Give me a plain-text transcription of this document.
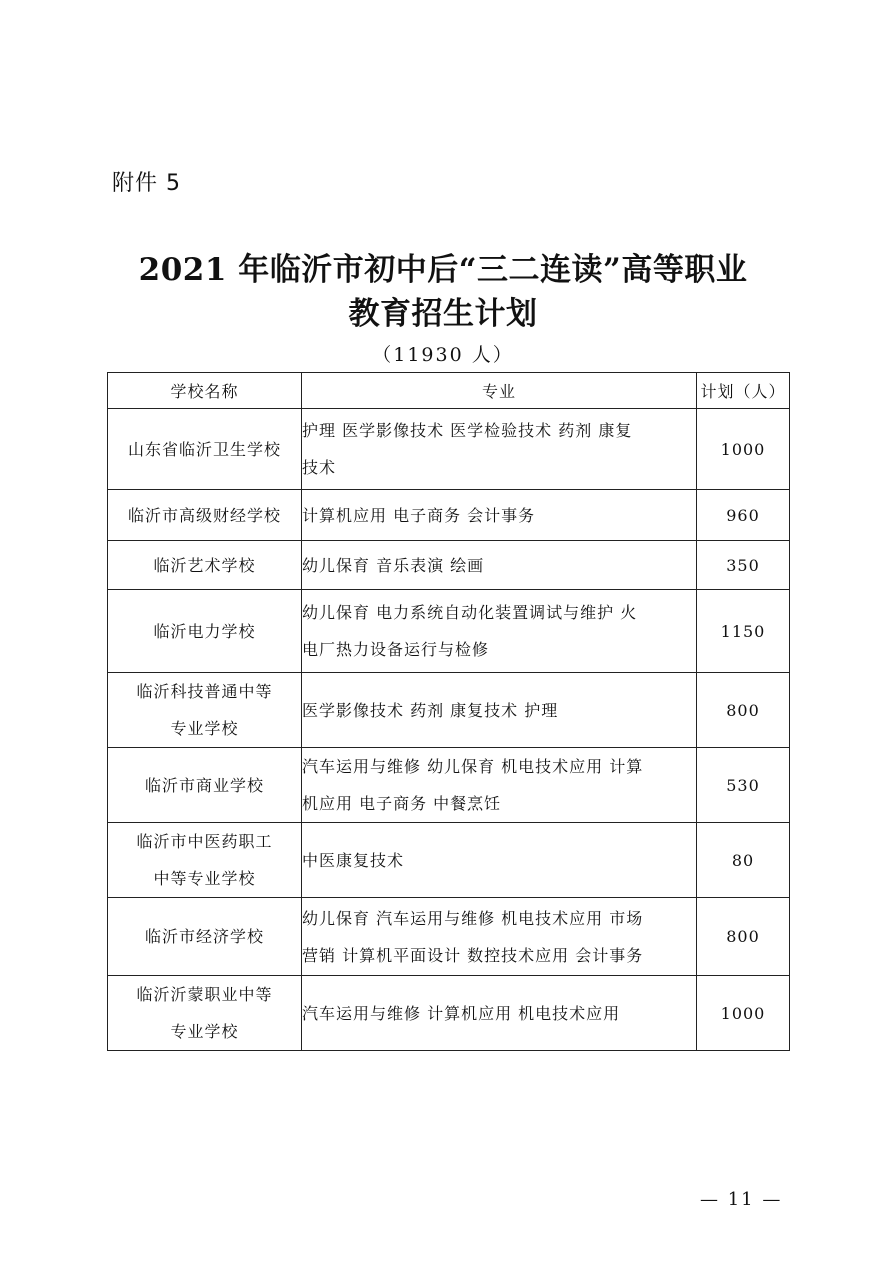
附件 5
2021 年临沂市初中后“三二连读”高等职业
教育招生计划
（11930 人）
学校名称	专业	计划（人）

山东省临沂卫生学校	护理 医学影像技术 医学检验技术 药剂 康复
技术	1000

临沂市高级财经学校	计算机应用 电子商务 会计事务	960

临沂艺术学校	幼儿保育 音乐表演 绘画	350

临沂电力学校	幼儿保育 电力系统自动化装置调试与维护 火
电厂热力设备运行与检修	1150

临沂科技普通中等
专业学校	医学影像技术 药剂 康复技术 护理	800

临沂市商业学校	汽车运用与维修 幼儿保育 机电技术应用 计算
机应用 电子商务 中餐烹饪	530

临沂市中医药职工
中等专业学校	中医康复技术	80

临沂市经济学校	幼儿保育 汽车运用与维修 机电技术应用 市场
营销 计算机平面设计 数控技术应用 会计事务	800

临沂沂蒙职业中等
专业学校	汽车运用与维修 计算机应用 机电技术应用	1000
— 11 —
